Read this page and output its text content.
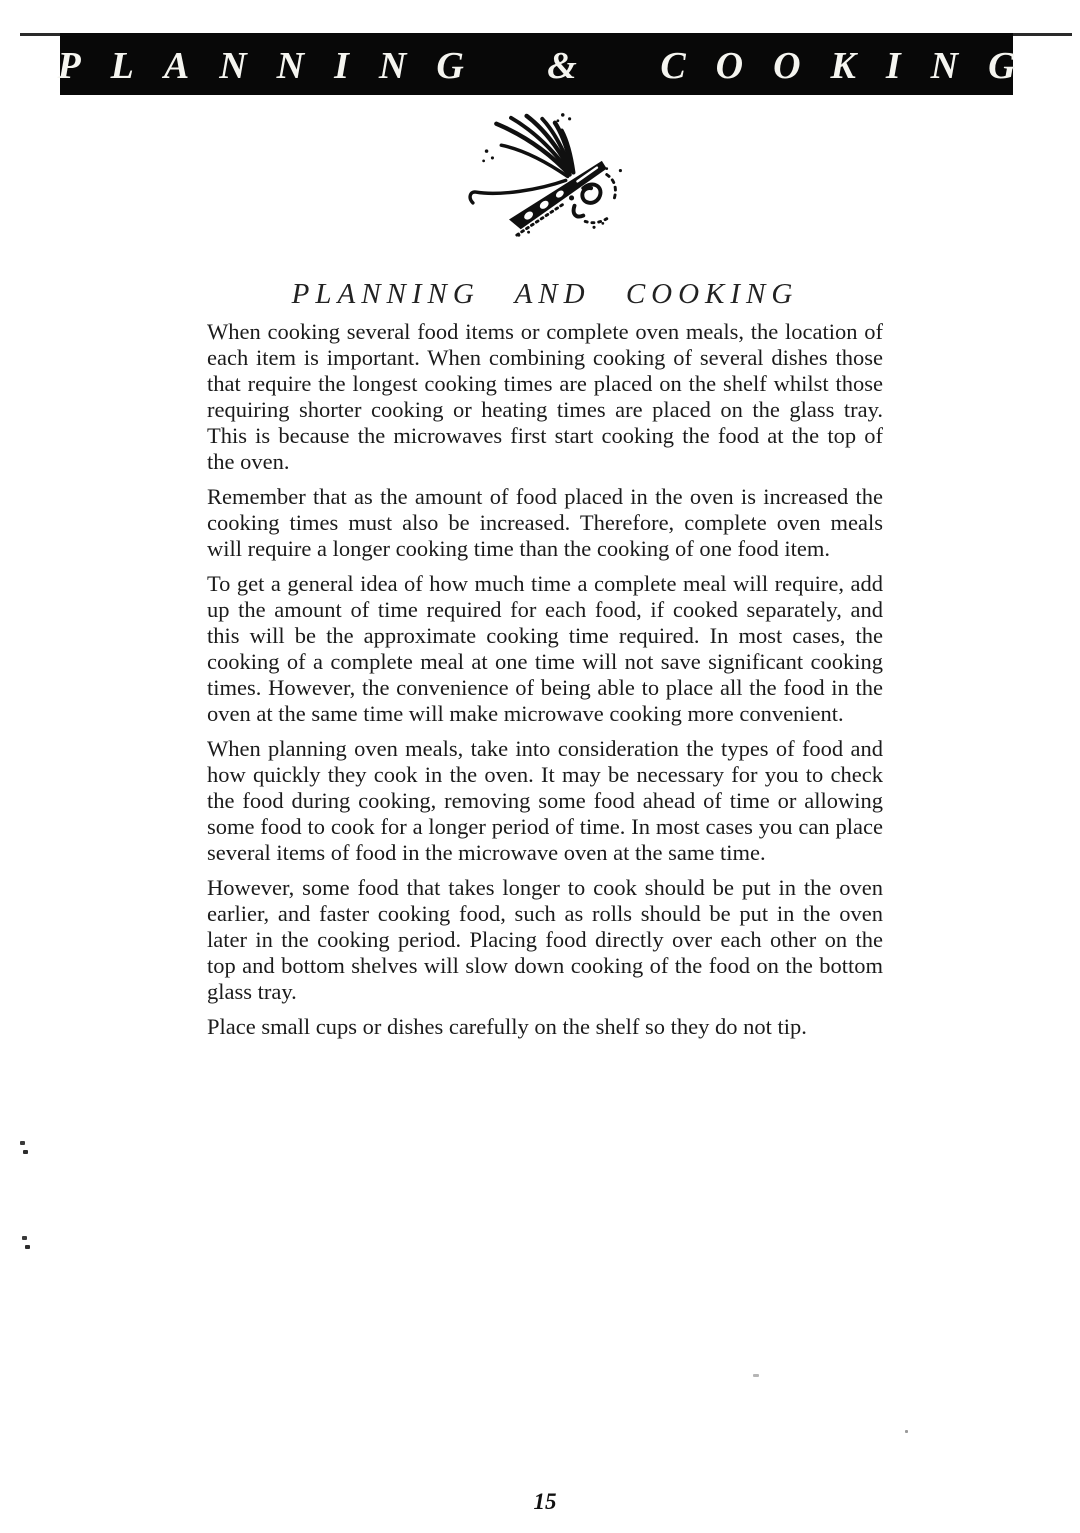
PLANNING & COOKING
PLANNING AND COOKING

When cooking several food items or complete oven meals, the location of each item is important. When combining cooking of several dishes those that require the longest cooking times are placed on the shelf whilst those requiring shorter cooking or heating times are placed on the glass tray. This is because the microwaves first start cooking the food at the top of the oven.

Remember that as the amount of food placed in the oven is increased the cooking times must also be increased. Therefore, complete oven meals will require a longer cooking time than the cooking of one food item.

To get a general idea of how much time a complete meal will require, add up the amount of time required for each food, if cooked separately, and this will be the approximate cooking time required. In most cases, the cooking of a complete meal at one time will not save significant cooking times. However, the convenience of being able to place all the food in the oven at the same time will make microwave cooking more convenient.

When planning oven meals, take into consideration the types of food and how quickly they cook in the oven. It may be necessary for you to check the food during cooking, removing some food ahead of time or allowing some food to cook for a longer period of time. In most cases you can place several items of food in the microwave oven at the same time.

However, some food that takes longer to cook should be put in the oven earlier, and faster cooking food, such as rolls should be put in the oven later in the cooking period. Placing food directly over each other on the top and bottom shelves will slow down cooking of the food on the bottom glass tray.

Place small cups or dishes carefully on the shelf so they do not tip.

15
